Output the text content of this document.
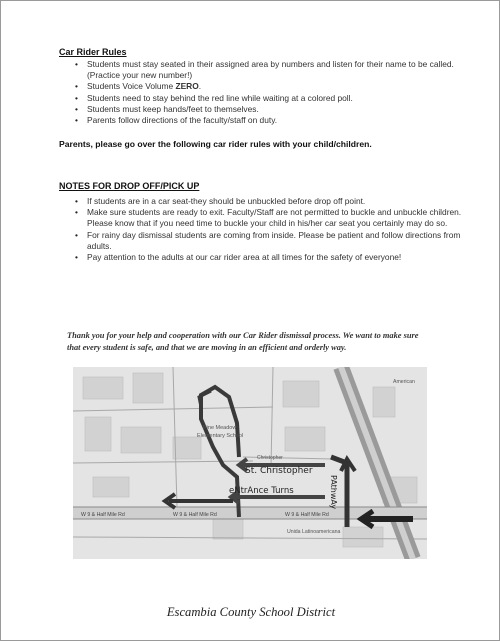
Car Rider Rules
• Students must stay seated in their assigned area by numbers and listen for their name to be called. (Practice your new number!)
• Students Voice Volume ZERO.
• Students need to stay behind the red line while waiting at a colored poll.
• Students must keep hands/feet to themselves.
• Parents follow directions of the faculty/staff on duty.
Parents, please go over the following car rider rules with your child/children.
NOTES FOR DROP OFF/PICK UP
• If students are in a car seat-they should be unbuckled before drop off point.
• Make sure students are ready to exit. Faculty/Staff are not permitted to buckle and unbuckle children. Please know that if you need time to buckle your child in his/her car seat you certainly may do so.
• For rainy day dismissal students are coming from inside. Please be patient and follow directions from adults.
• Pay attention to the adults at our car rider area at all times for the safety of everyone!
Thank you for your help and cooperation with our Car Rider dismissal process. We want to make sure that every student is safe, and that we are moving in an efficient and orderly way.
Pine Meadow
Elementary School
Christopher
St. Christopher
eNtrAnce Turns	PAthwAy
W 9 & Half Mile Rd	W 9 & Half Mile Rd	W 9 & Half Mile Rd
Unida Latinoamericana
American
Escambia County School District
